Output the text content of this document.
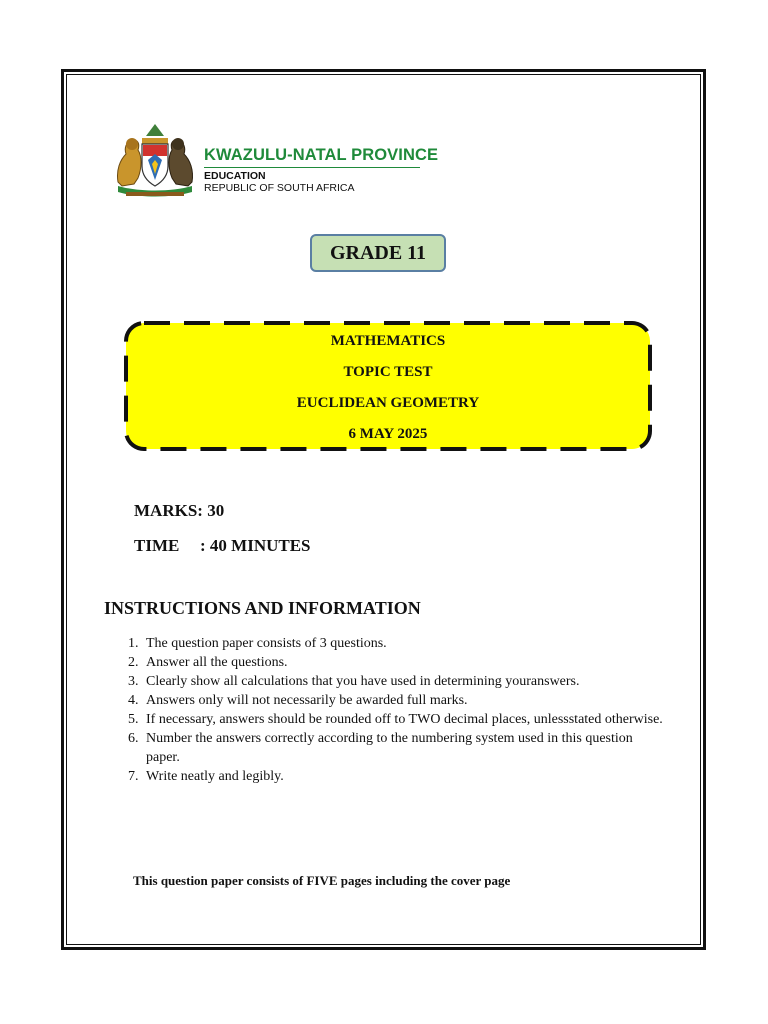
KWAZULU-NATAL PROVINCE
EDUCATION
REPUBLIC OF SOUTH AFRICA
GRADE 11
MATHEMATICS
TOPIC TEST
EUCLIDEAN GEOMETRY
6 MAY 2025
MARKS: 30
TIME : 40 MINUTES
INSTRUCTIONS AND INFORMATION
1. The question paper consists of 3 questions.
2. Answer all the questions.
3. Clearly show all calculations that you have used in determining youranswers.
4. Answers only will not necessarily be awarded full marks.
5. If necessary, answers should be rounded off to TWO decimal places, unlessstated otherwise.
6. Number the answers correctly according to the numbering system used in this question paper.
7. Write neatly and legibly.
This question paper consists of FIVE pages including the cover page
